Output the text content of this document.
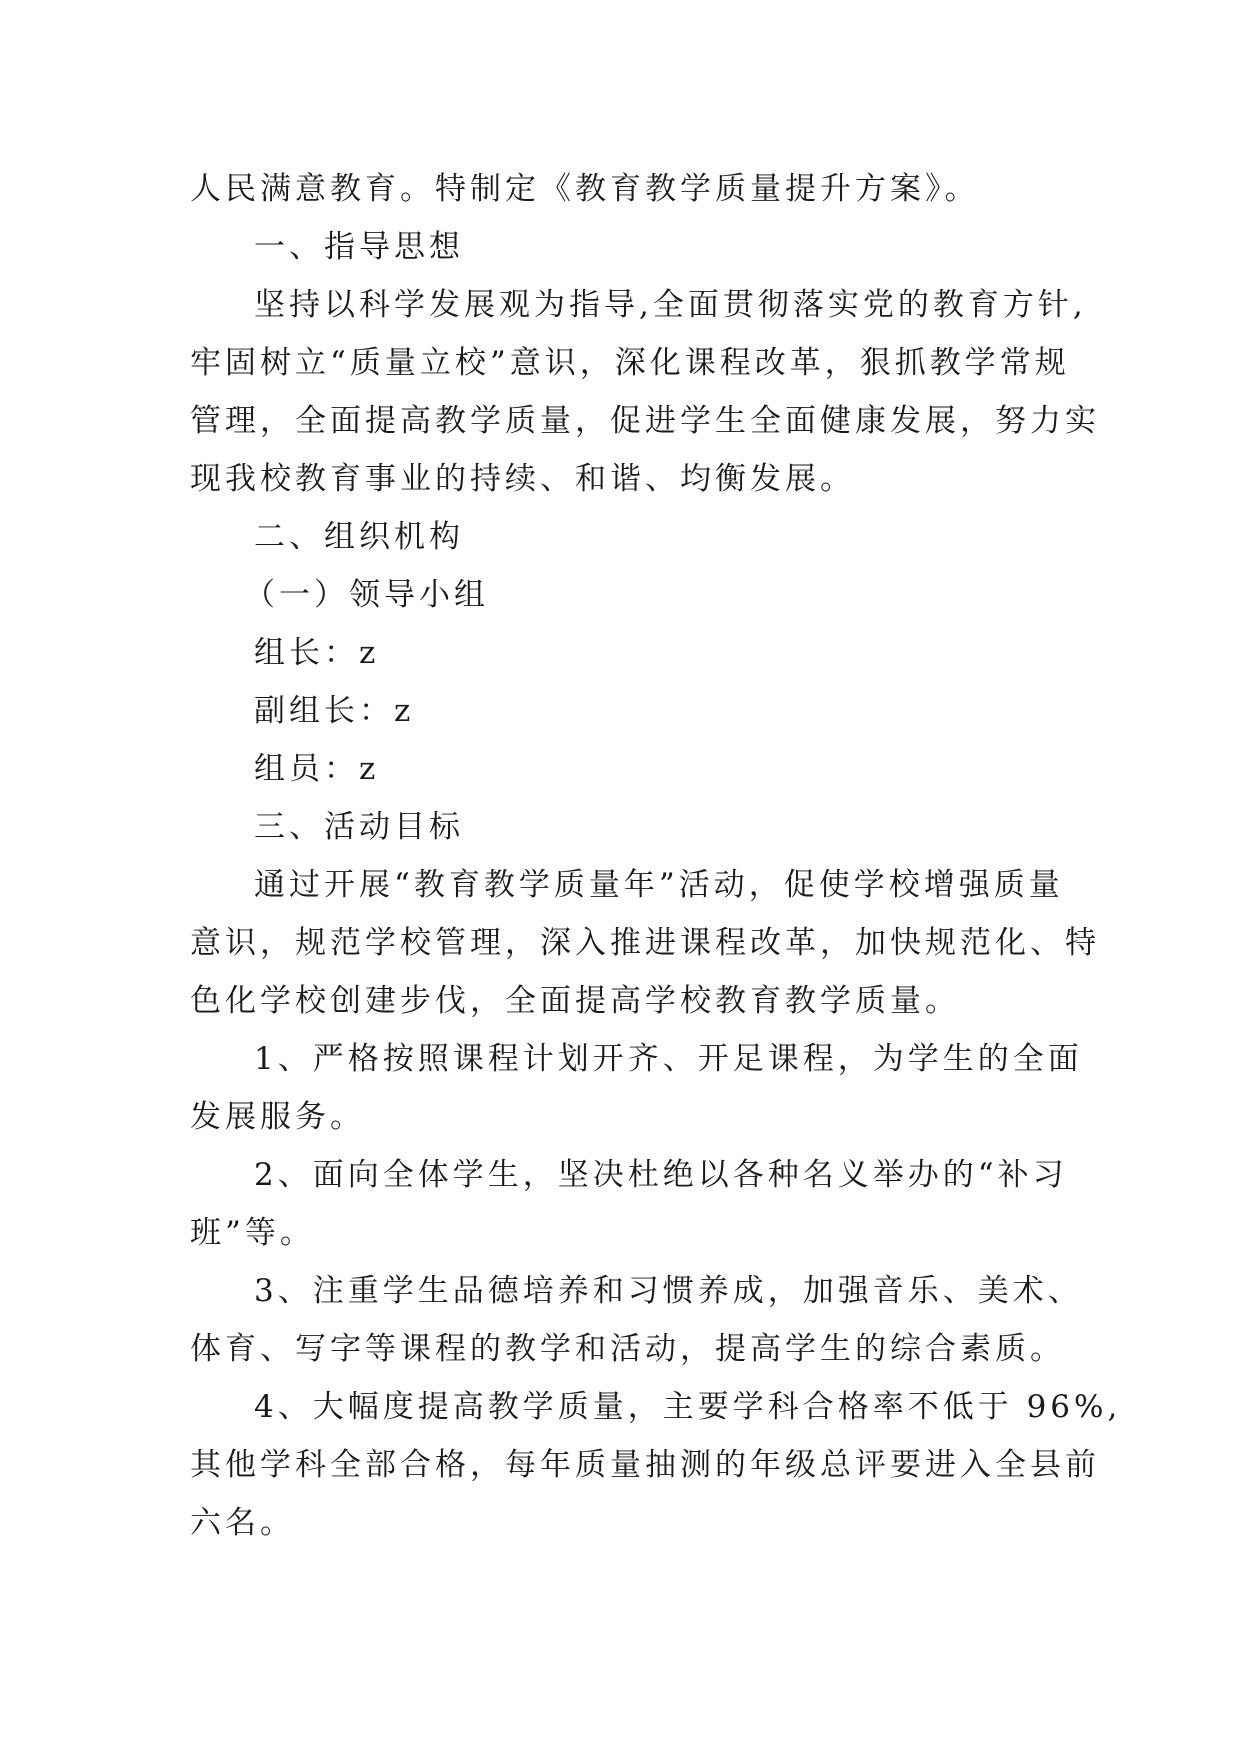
人民满意教育。特制定《教育教学质量提升方案》。
一、指导思想
坚持以科学发展观为指导,全面贯彻落实党的教育方针,
牢固树立“质量立校”意识，深化课程改革，狠抓教学常规
管理，全面提高教学质量，促进学生全面健康发展，努力实
现我校教育事业的持续、和谐、均衡发展。
二、组织机构
（一）领导小组
组长：z
副组长：z
组员：z
三、活动目标
通过开展“教育教学质量年”活动，促使学校增强质量
意识，规范学校管理，深入推进课程改革，加快规范化、特
色化学校创建步伐，全面提高学校教育教学质量。
1、严格按照课程计划开齐、开足课程，为学生的全面
发展服务。
2、面向全体学生，坚决杜绝以各种名义举办的“补习
班”等。
3、注重学生品德培养和习惯养成，加强音乐、美术、
体育、写字等课程的教学和活动，提高学生的综合素质。
4、大幅度提高教学质量，主要学科合格率不低于 96%,
其他学科全部合格，每年质量抽测的年级总评要进入全县前
六名。
